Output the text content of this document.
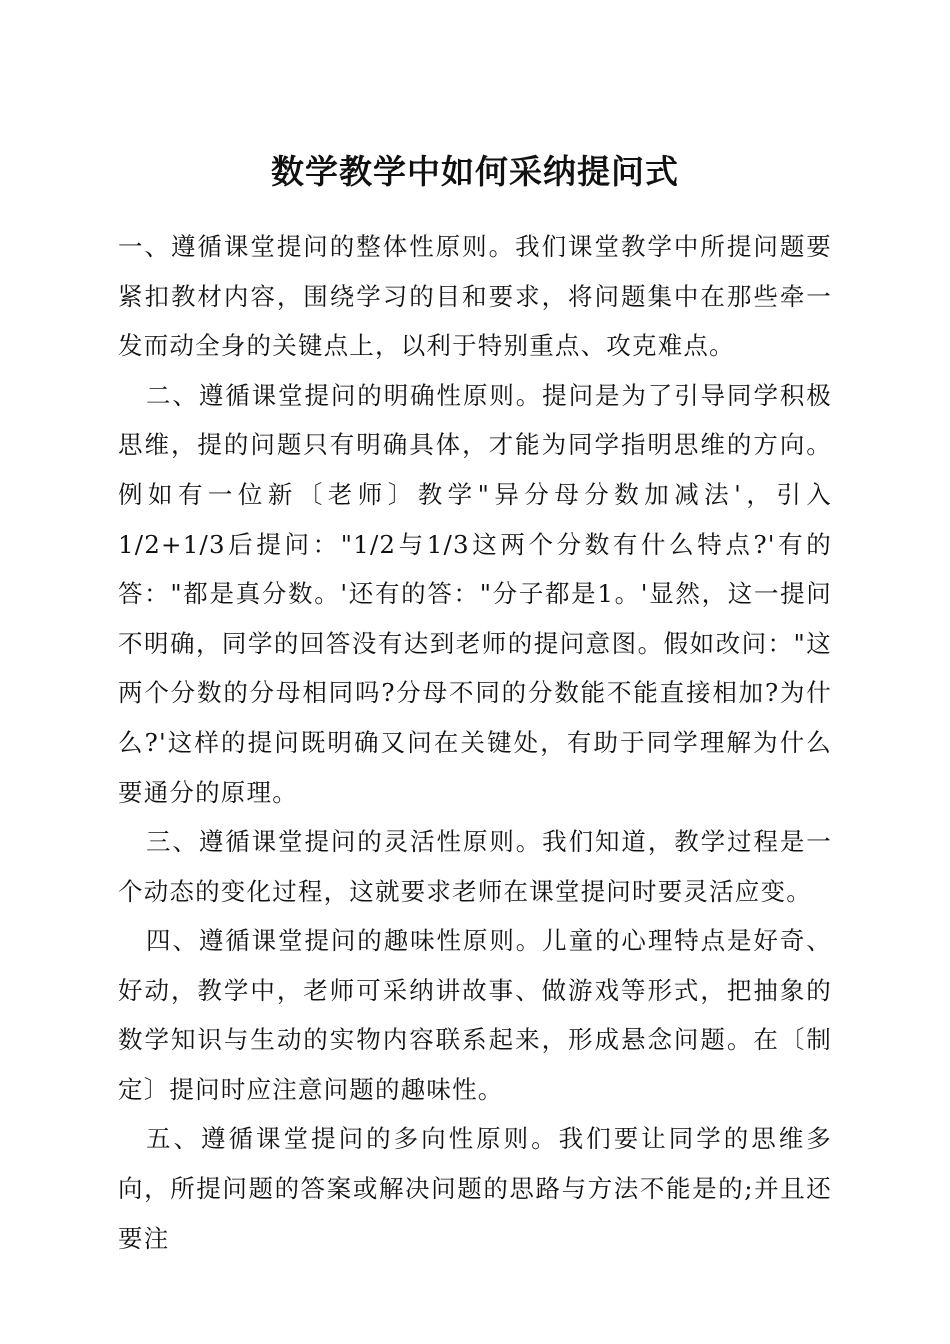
数学教学中如何采纳提问式

一、遵循课堂提问的整体性原则。我们课堂教学中所提问题要紧扣教材内容，围绕学习的目和要求，将问题集中在那些牵一发而动全身的关键点上，以利于特别重点、攻克难点。

二、遵循课堂提问的明确性原则。提问是为了引导同学积极思维，提的问题只有明确具体，才能为同学指明思维的方向。例如有一位新〔老师〕教学"异分母分数加减法'，引入1/2+1/3后提问："1/2与1/3这两个分数有什么特点?'有的答："都是真分数。'还有的答："分子都是1。'显然，这一提问不明确，同学的回答没有达到老师的提问意图。假如改问："这两个分数的分母相同吗?分母不同的分数能不能直接相加?为什么?'这样的提问既明确又问在关键处，有助于同学理解为什么要通分的原理。

三、遵循课堂提问的灵活性原则。我们知道，教学过程是一个动态的变化过程，这就要求老师在课堂提问时要灵活应变。

四、遵循课堂提问的趣味性原则。儿童的心理特点是好奇、好动，教学中，老师可采纳讲故事、做游戏等形式，把抽象的数学知识与生动的实物内容联系起来，形成悬念问题。在〔制定〕提问时应注意问题的趣味性。

五、遵循课堂提问的多向性原则。我们要让同学的思维多向，所提问题的答案或解决问题的思路与方法不能是的;并且还要注
